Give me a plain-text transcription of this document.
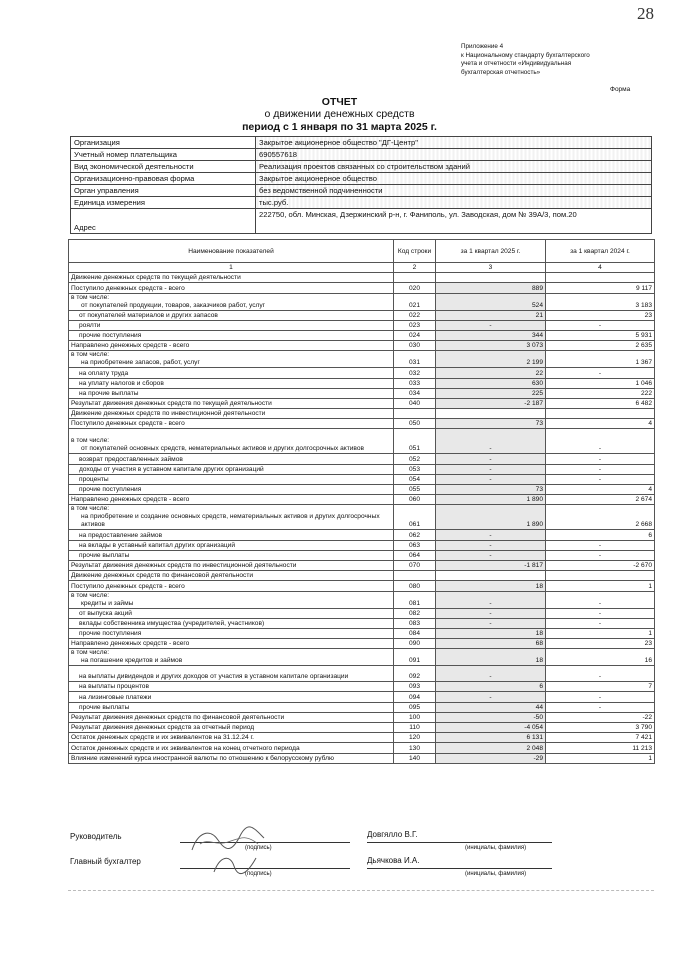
28
Приложение 4
к Национальному стандарту бухгалтерского
учета и отчетности «Индивидуальная
бухгалтерская отчетность»
Форма
ОТЧЕТ
о движении денежных средств
период с 1 января по 31 марта 2025 г.
Организация	Закрытое акционерное общество "ДГ-Центр"
Учетный номер плательщика	690557618
Вид экономической деятельности	Реализация проектов связанных со строительством зданий
Организационно-правовая форма	Закрытое акционерное общество
Орган управления	без ведомственной подчиненности
Единица измерения	тыс.руб.
Адрес	222750, обл. Минская, Дзержинский р-н, г. Фаниполь, ул. Заводская, дом № 39А/3, пом.20
Наименование показателей	Код строки	за 1 квартал 2025 г.	за 1 квартал 2024 г.
1	2	3	4
Движение денежных средств по текущей деятельности			
Поступило денежных средств - всего	020	889	9 117

в том числе:
от покупателей продукции, товаров, заказчиков работ, услуг	021	524	3 183
от покупателей материалов и других запасов	022	21	23
роялти	023	-	-
прочие поступления	024	344	5 931
Направлено денежных средств - всего	030	3 073	2 635

в том числе:
на приобретение запасов, работ, услуг	031	2 199	1 367
на оплату труда	032	22	-
на уплату налогов и сборов	033	630	1 046
на прочие выплаты	034	225	222
Результат движения денежных средств по текущей деятельности	040	-2 187	6 482
Движение денежных средств по инвестиционной деятельности			
Поступило денежных средств - всего	050	73	4

в том числе:
от покупателей основных средств, нематериальных активов и других долгосрочных активов	051	-	-
возврат предоставленных займов	052	-	-
доходы от участия в уставном капитале других организаций	053	-	-
проценты	054	-	-
прочие поступления	055	73	4
Направлено денежных средств - всего	060	1 890	2 674

в том числе:
на приобретение и создание основных средств, нематериальных активов и других долгосрочных активов	061	1 890	2 668
на предоставление займов	062	-	6
на вклады в уставный капитал других организаций	063	-	-
прочие выплаты	064	-	-
Результат движения денежных средств по инвестиционной деятельности	070	-1 817	-2 670
Движение денежных средств по финансовой деятельности			
Поступило денежных средств - всего	080	18	1

в том числе:
кредиты и займы	081	-	-
от выпуска акций	082	-	-
вклады собственника имущества (учредителей, участников)	083	-	-
прочие поступления	084	18	1
Направлено денежных средств - всего	090	68	23

в том числе:
на погашение кредитов и займов	091	18	16
на выплаты дивидендов и других доходов от участия в уставном капитале организации	092	-	-
на выплаты процентов	093	6	7
на лизинговые платежи	094	-	-
прочие выплаты	095	44	-
Результат движения денежных средств по финансовой деятельности	100	-50	-22
Результат движения денежных средств за отчетный период	110	-4 054	3 790
Остаток денежных средств и их эквивалентов на 31.12.24 г.	120	6 131	7 421
Остаток денежных средств и их эквивалентов на конец отчетного периода	130	2 048	11 213
Влияние изменений курса иностранной валюты по отношению к белорусскому рублю	140	-29	1
Руководитель
(подпись)
Довгялло В.Г.
(инициалы, фамилия)
Главный бухгалтер
(подпись)
Дьячкова И.А.
(инициалы, фамилия)
